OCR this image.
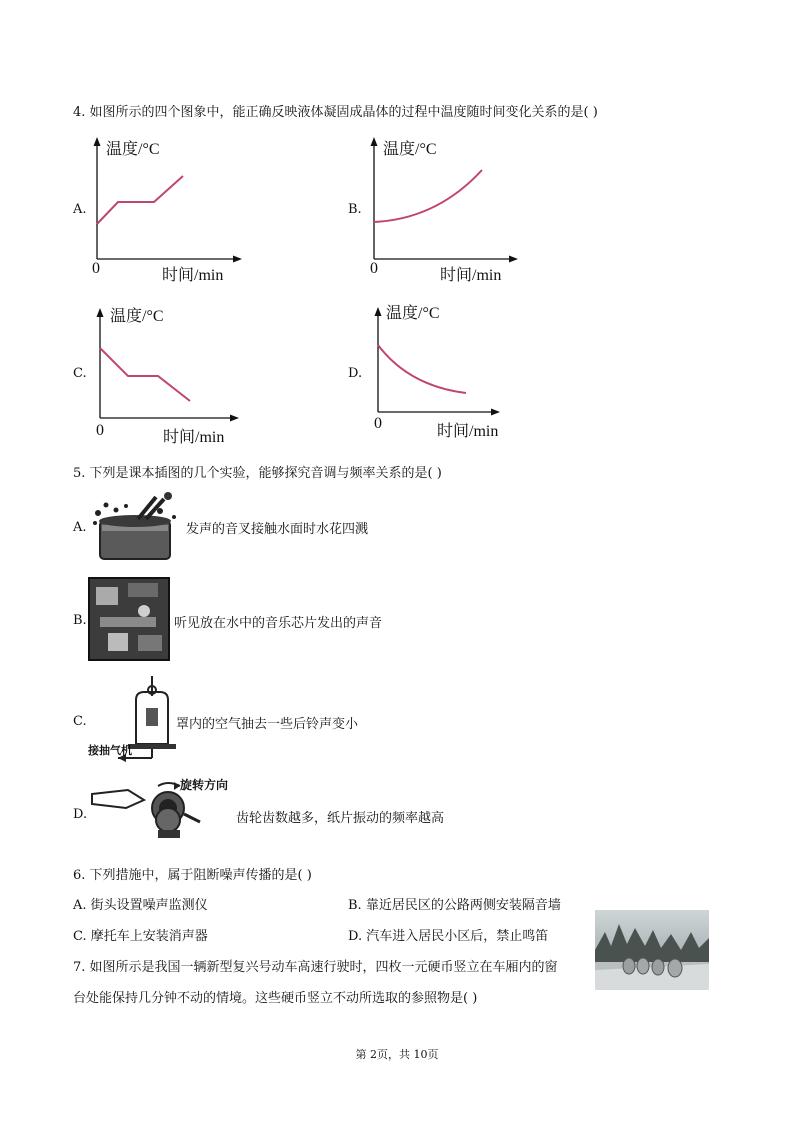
4. 如图所示的四个图象中，能正确反映液体凝固成晶体的过程中温度随时间变化关系的是( )
A.
温度/°C
0	时间/min
B.
温度/°C
0	时间/min
C.
温度/°C
0	时间/min
D.
温度/°C
0	时间/min
5. 下列是课本插图的几个实验，能够探究音调与频率关系的是( )
A.	发声的音叉接触水面时水花四溅
B.	听见放在水中的音乐芯片发出的声音
C.
接抽气机
罩内的空气抽去一些后铃声变小
D.
旋转方向
齿轮齿数越多，纸片振动的频率越高
6. 下列措施中，属于阻断噪声传播的是( )
A. 街头设置噪声监测仪	B. 靠近居民区的公路两侧安装隔音墙
C. 摩托车上安装消声器	D. 汽车进入居民小区后，禁止鸣笛
7. 如图所示是我国一辆新型复兴号动车高速行驶时，四枚一元硬币竖立在车厢内的窗
台处能保持几分钟不动的情境。这些硬币竖立不动所选取的参照物是( )
第 2页，共 10页
